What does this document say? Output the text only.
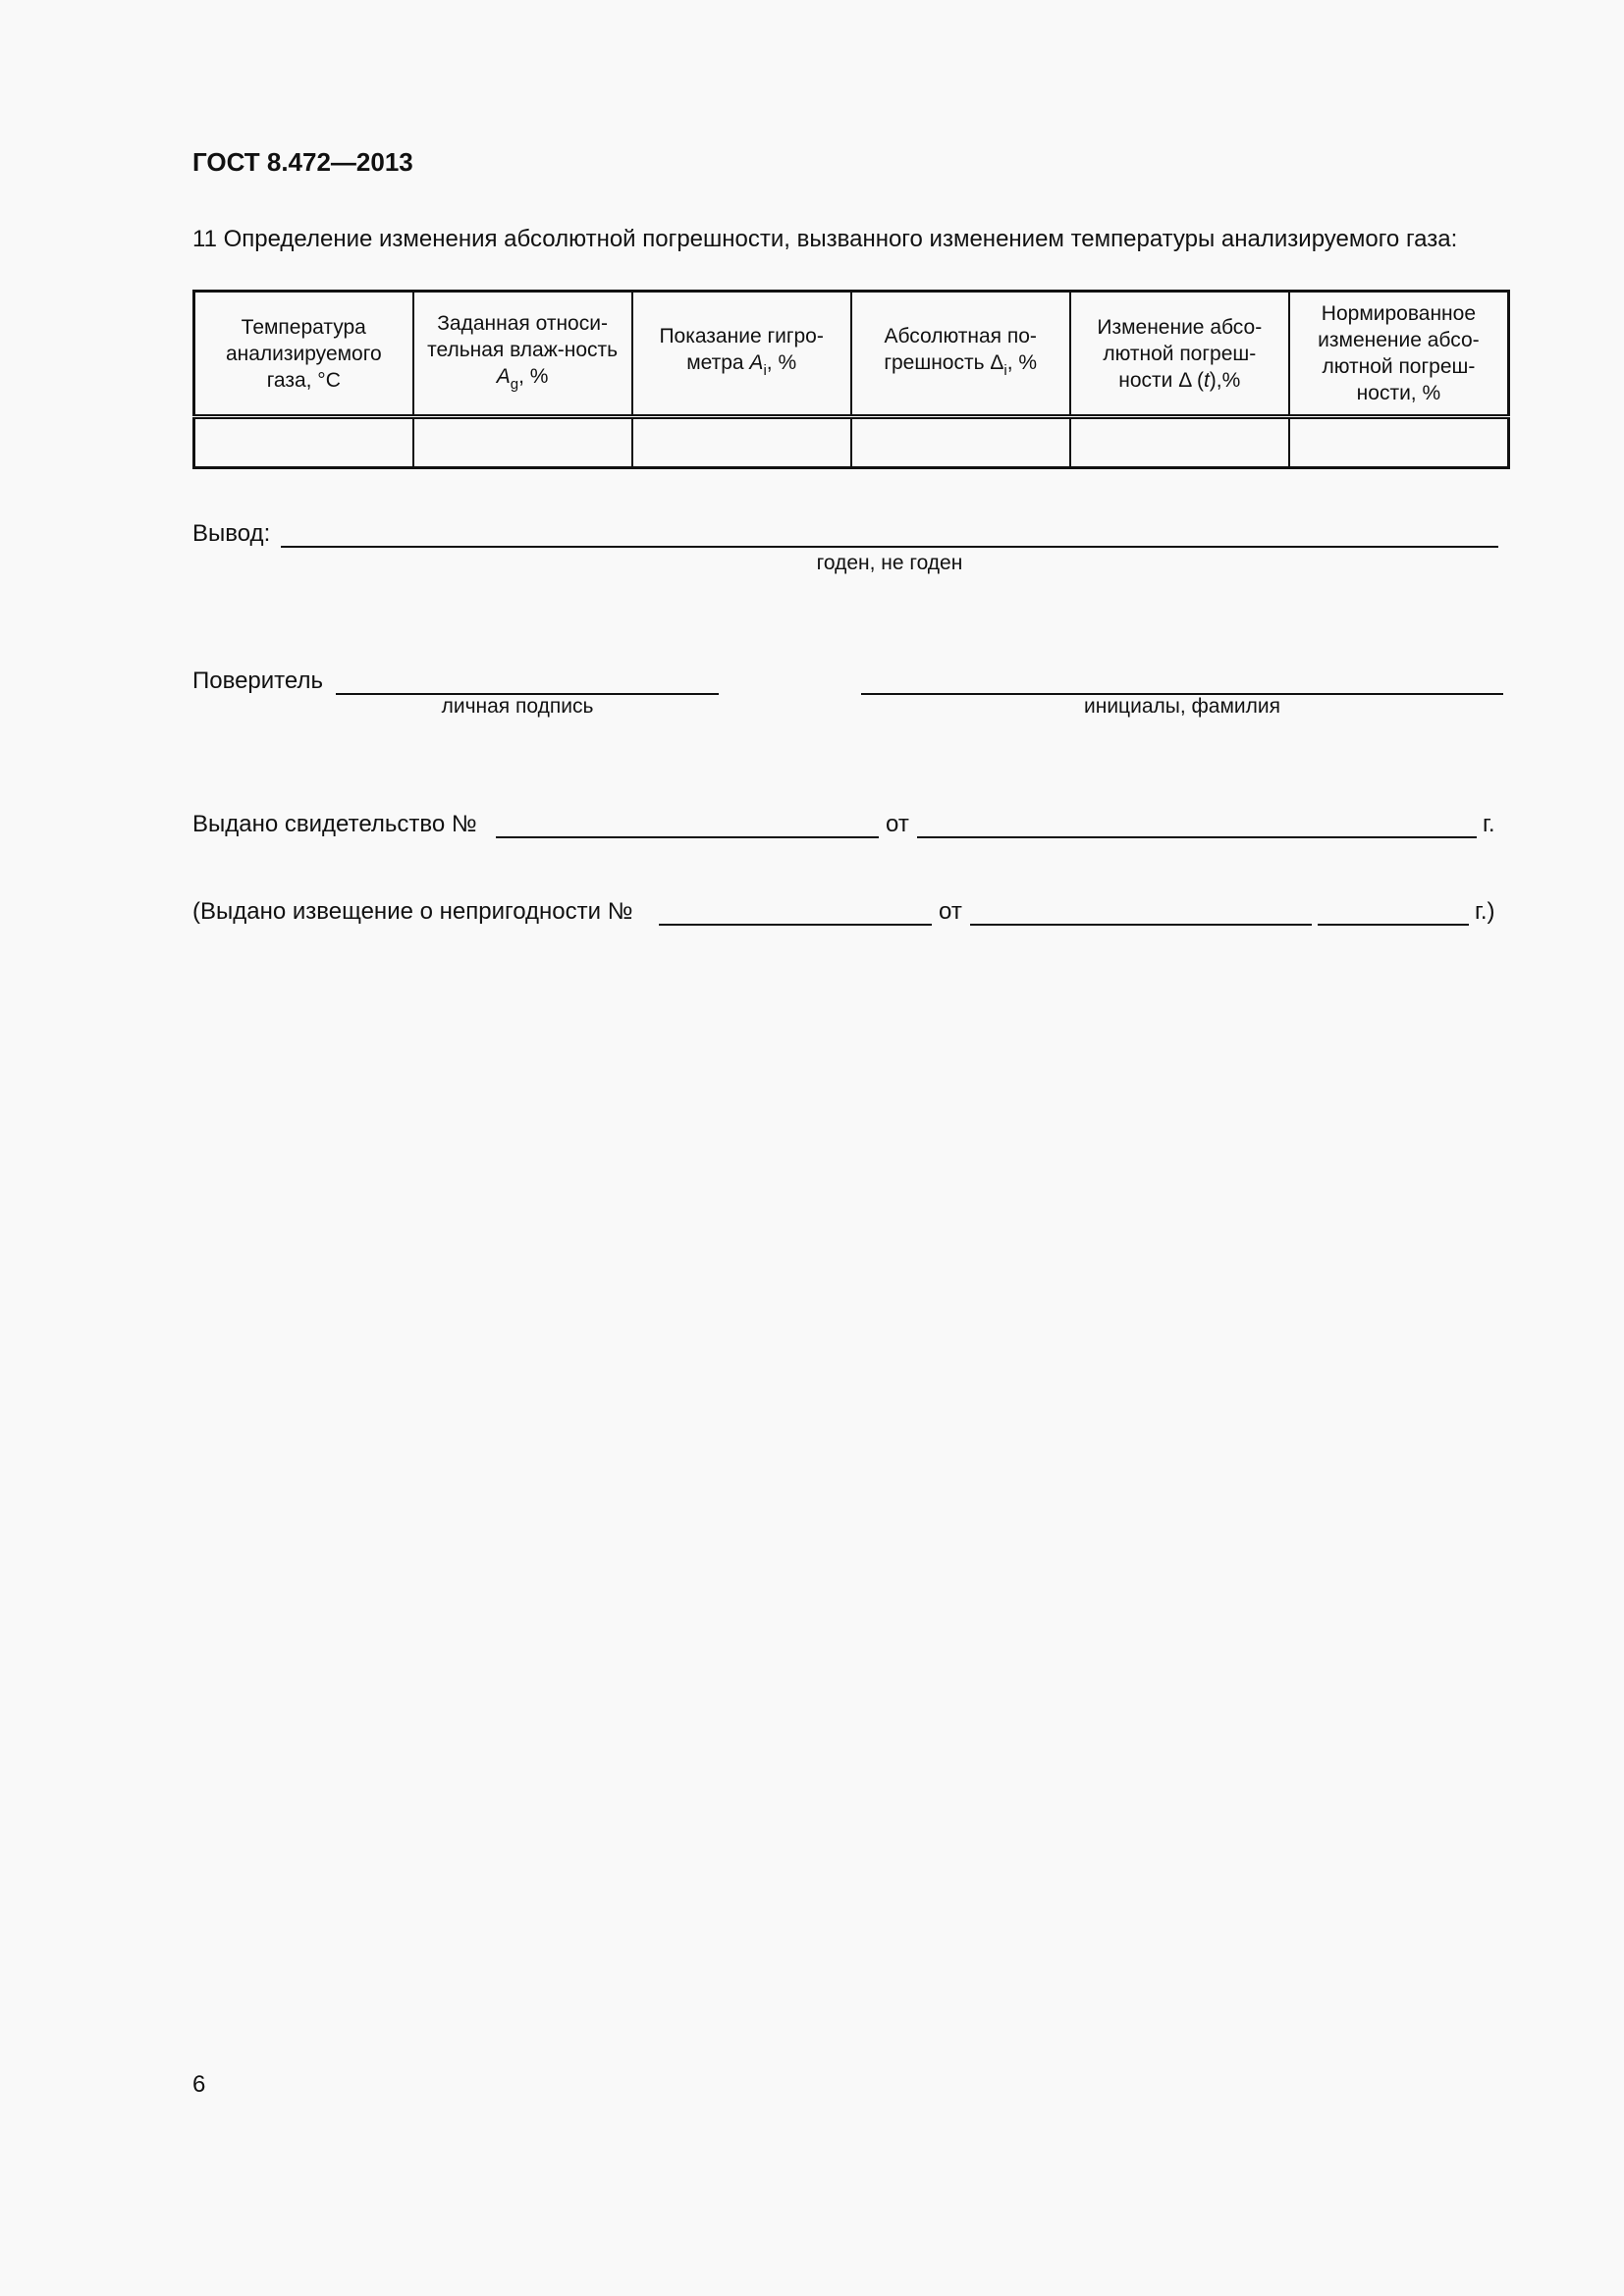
ГОСТ 8.472—2013
11 Определение изменения абсолютной погрешности, вызванного изменением температуры анализируемого газа:
Температура анализируемого газа, °C	Заданная относи-тельная влаж-ность $A_g$, %	Показание гигро-метра $A_i$, %	Абсолютная по-грешность $\Delta_i$, %	Изменение абсо-лютной погреш-ности Δ (t),%	Нормированное изменение абсо-лютной погреш-ности, %

Вывод:
годен, не годен
Поверитель
личная подпись	инициалы, фамилия
Выдано свидетельство №	от	г.
(Выдано извещение о непригодности №	от	г.)
6
